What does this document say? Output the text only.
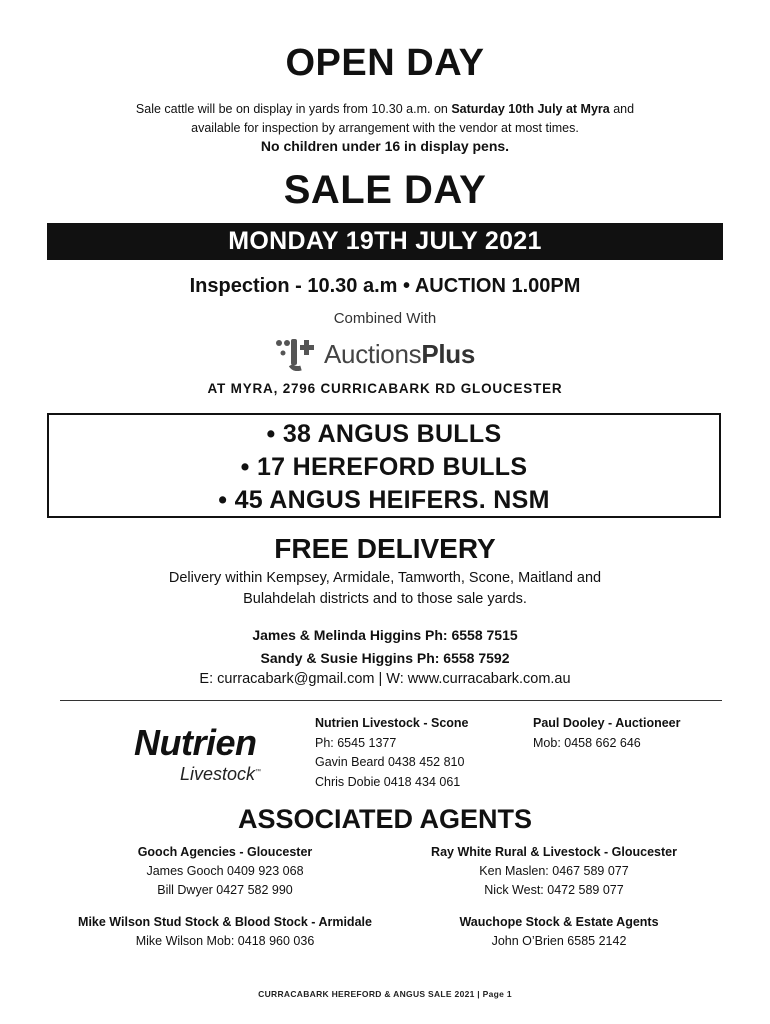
OPEN DAY
Sale cattle will be on display in yards from 10.30 a.m. on Saturday 10th July at Myra and
available for inspection by arrangement with the vendor at most times.
No children under 16 in display pens.
SALE DAY
MONDAY 19TH JULY 2021
Inspection - 10.30 a.m • AUCTION 1.00PM
Combined With
AuctionsPlus
AT MYRA, 2796 CURRICABARK RD GLOUCESTER
• 38 ANGUS BULLS
• 17 HEREFORD BULLS
• 45 ANGUS HEIFERS. NSM
FREE DELIVERY
Delivery within Kempsey, Armidale, Tamworth, Scone, Maitland and
Bulahdelah districts and to those sale yards.
James & Melinda Higgins Ph: 6558 7515
Sandy & Susie Higgins Ph: 6558 7592
E: curracabark@gmail.com | W: www.curracabark.com.au
Nutrien
Livestock™
Nutrien Livestock - Scone
Ph: 6545 1377
Gavin Beard 0438 452 810
Chris Dobie 0418 434 061
Paul Dooley - Auctioneer
Mob: 0458 662 646
ASSOCIATED AGENTS
Gooch Agencies - Gloucester
James Gooch 0409 923 068
Bill Dwyer 0427 582 990
Ray White Rural & Livestock - Gloucester
Ken Maslen: 0467 589 077
Nick West: 0472 589 077
Mike Wilson Stud Stock & Blood Stock - Armidale
Mike Wilson Mob: 0418 960 036
Wauchope Stock & Estate Agents
John O’Brien 6585 2142
CURRACABARK HEREFORD & ANGUS SALE 2021 | Page 1
